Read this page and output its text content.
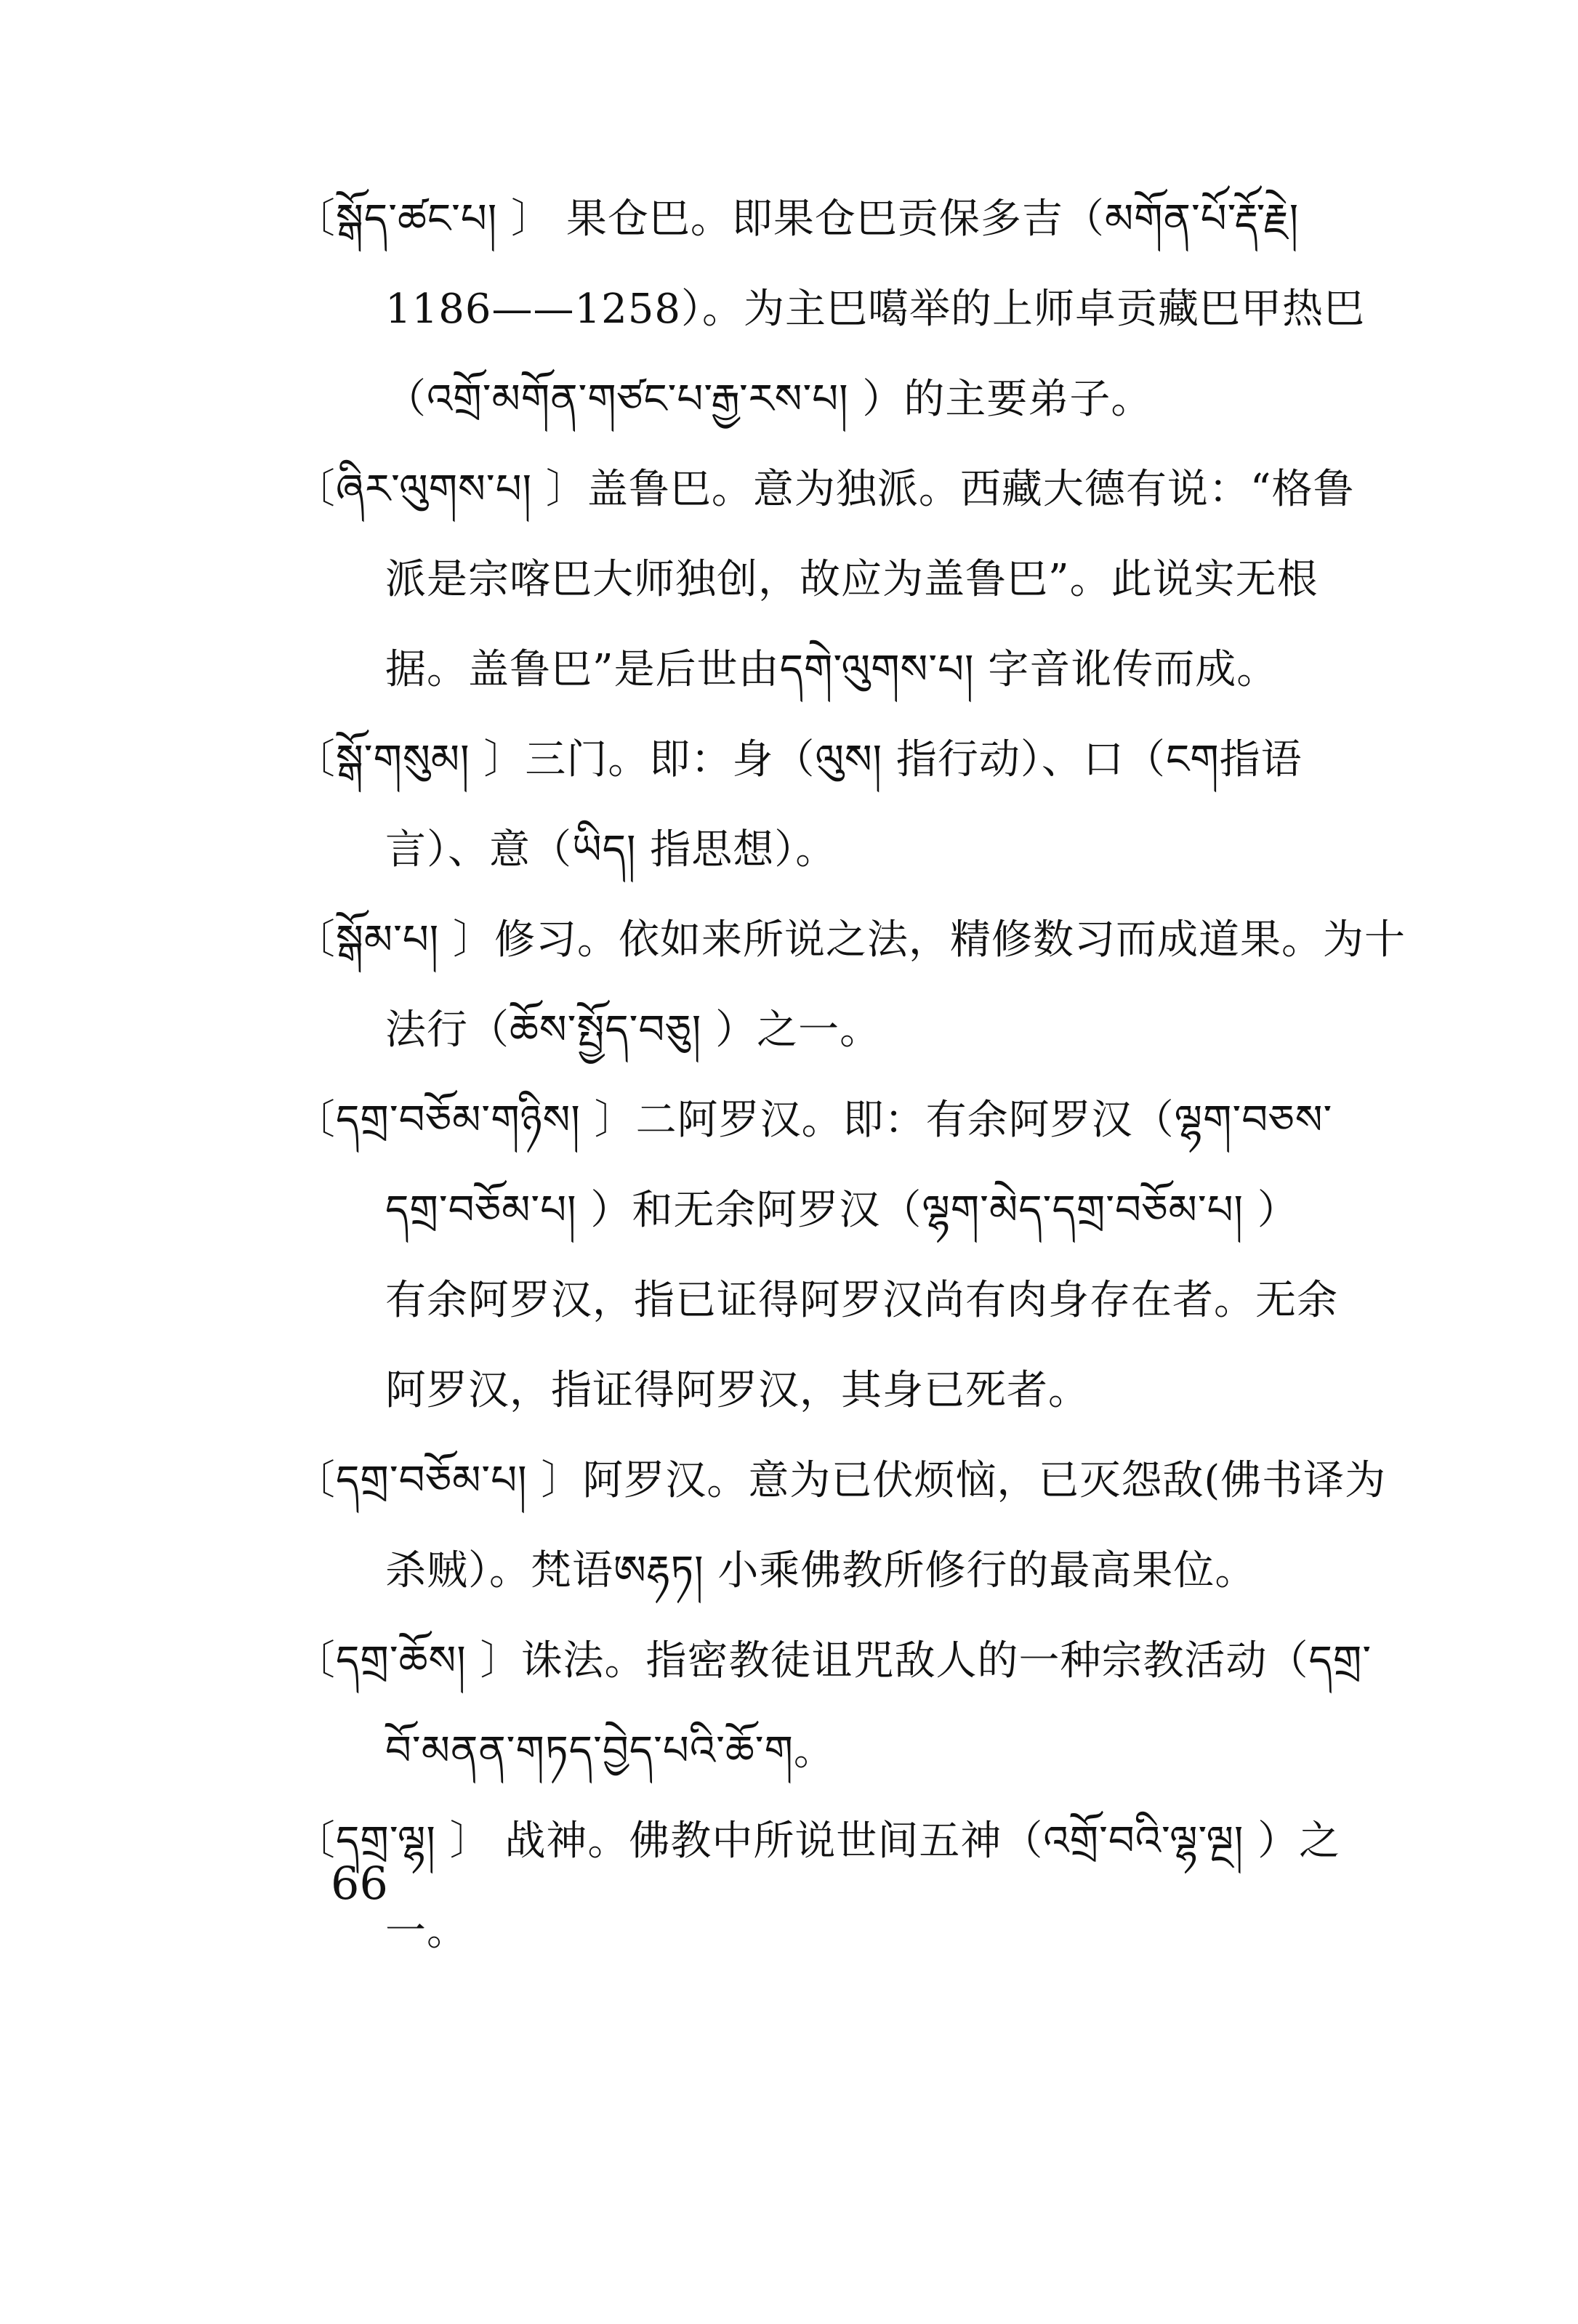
〔སྒོད་ཚང་པ། 〕 果仓巴。即果仓巴贡保多吉（མགོན་པོ་རྡོ་རྗེ།
1186——1258）。为主巴噶举的上师卓贡藏巴甲热巴
（འགྲོ་མགོན་གཙང་པ་རྒྱ་རས་པ། ）的主要弟子。
〔ཞིར་ལུགས་པ། 〕盖鲁巴。意为独派。西藏大德有说：“格鲁
派是宗喀巴大师独创，故应为盖鲁巴”。此说实无根
据。盖鲁巴”是后世由དགེ་ལུགས་པ། 字音讹传而成。
〔སྒོ་གསུམ། 〕三门。即：身（ལུས། 指行动）、口（ངག指语
言）、意（ཡིད། 指思想）。
〔སྒོམ་པ། 〕修习。依如来所说之法，精修数习而成道果。为十
法行（ཆོས་སྤྱོད་བཅུ། ）之一。
〔དགྲ་བཅོམ་གཉིས། 〕二阿罗汉。即：有余阿罗汉（ལྷག་བཅས་
དགྲ་བཅོམ་པ། ）和无余阿罗汉（ལྷག་མེད་དགྲ་བཅོམ་པ། ）
有余阿罗汉，指已证得阿罗汉尚有肉身存在者。无余
阿罗汉，指证得阿罗汉，其身已死者。
〔དགྲ་བཅོམ་པ། 〕阿罗汉。意为已伏烦恼，已灭怨敌(佛书译为
杀贼）。梵语ཨརྷཏ། 小乘佛教所修行的最高果位。
〔དགྲ་ཆོས། 〕诛法。指密教徒诅咒敌人的一种宗教活动（དགྲ་
བོ་མནན་གཏད་བྱེད་པའི་ཆོ་ག。
〔དགྲ་ལྷ། 〕 战神。佛教中所说世间五神（འགྲོ་བའི་ལྷ་ལྔ། ）之
一。
66
